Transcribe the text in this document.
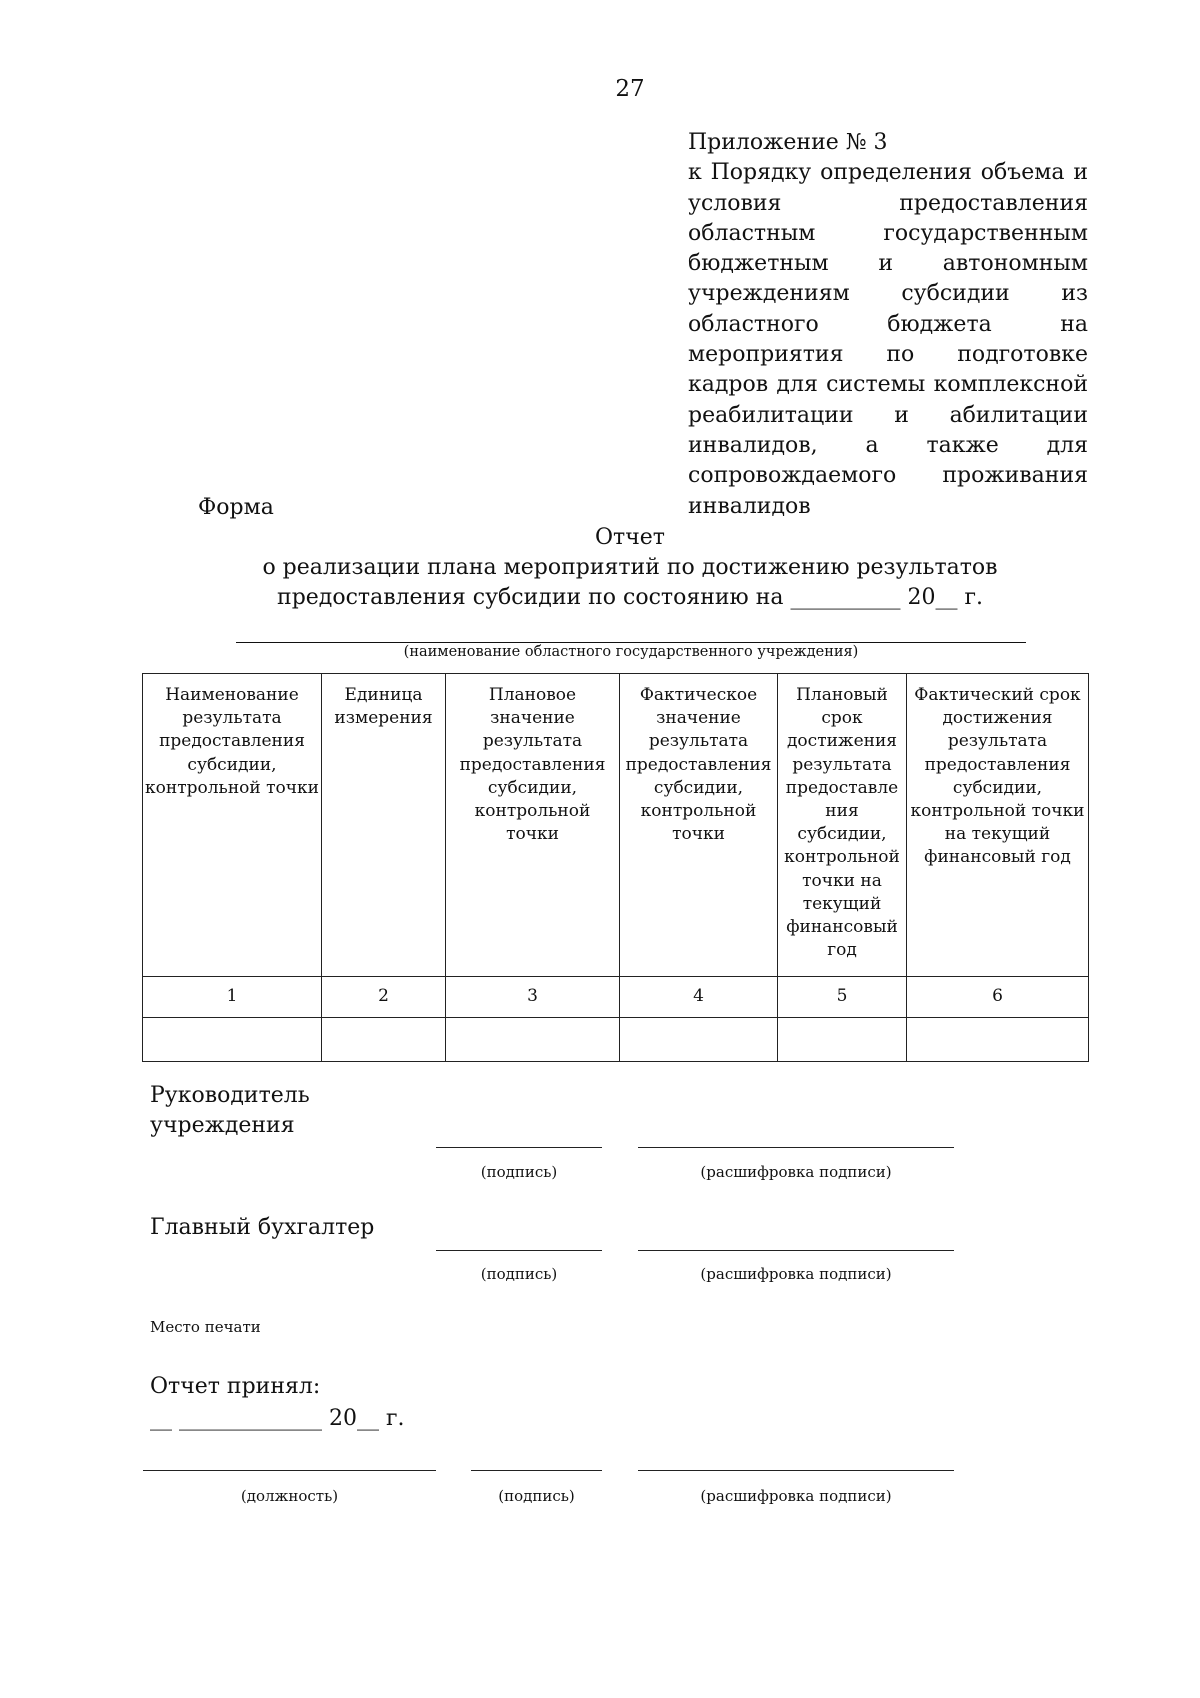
27
Приложение № 3
к Порядку определения объема и условия предоставления областным государственным бюджетным и автономным учреждениям субсидии из областного бюджета на мероприятия по подготовке кадров для системы комплексной реабилитации и абилитации инвалидов, а также для сопровождаемого проживания инвалидов
Форма
Отчет
о реализации плана мероприятий по достижению результатов
предоставления субсидии по состоянию на __________ 20__ г.
(наименование областного государственного учреждения)
Наименование результата предоставления субсидии, контрольной точки	Единица измерения	Плановое значение результата предоставления субсидии, контрольной точки	Фактическое значение результата предоставления субсидии, контрольной точки	Плановый срок достижения результата предоставле ния субсидии, контрольной точки на текущий финансовый год	Фактический срок достижения результата предоставления субсидии, контрольной точки на текущий финансовый год
1	2	3	4	5	6

Руководитель
учреждения
(подпись)	(расшифровка подписи)
Главный бухгалтер
(подпись)	(расшифровка подписи)
Место печати
Отчет принял:
__ _____________ 20__ г.
(должность)	(подпись)	(расшифровка подписи)
